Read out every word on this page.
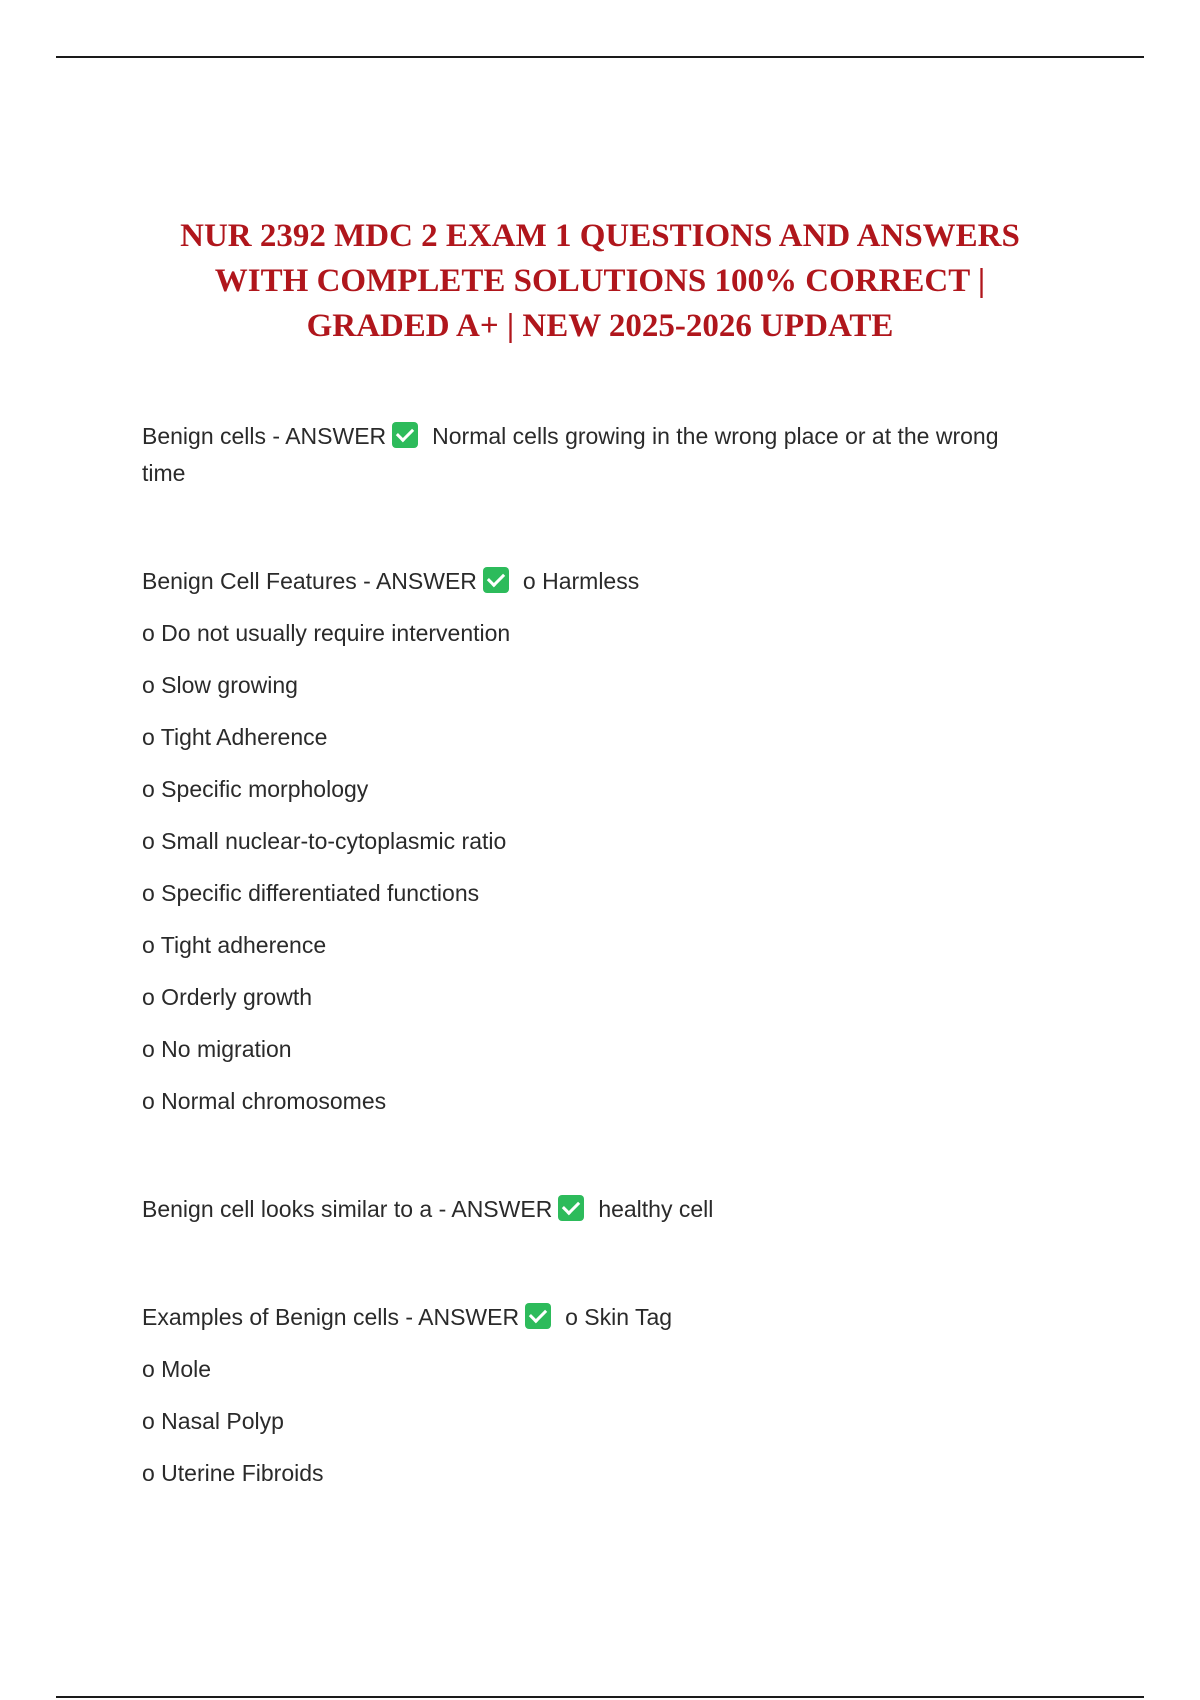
NUR 2392 MDC 2 EXAM 1 QUESTIONS AND ANSWERS
WITH COMPLETE SOLUTIONS 100% CORRECT |
GRADED A+ | NEW 2025-2026 UPDATE

Benign cells - ANSWER Normal cells growing in the wrong place or at the wrong time

Benign Cell Features - ANSWER o Harmless

o Do not usually require intervention

o Slow growing

o Tight Adherence

o Specific morphology

o Small nuclear-to-cytoplasmic ratio

o Specific differentiated functions

o Tight adherence

o Orderly growth

o No migration

o Normal chromosomes

Benign cell looks similar to a - ANSWER healthy cell

Examples of Benign cells - ANSWER o Skin Tag

o Mole

o Nasal Polyp

o Uterine Fibroids
